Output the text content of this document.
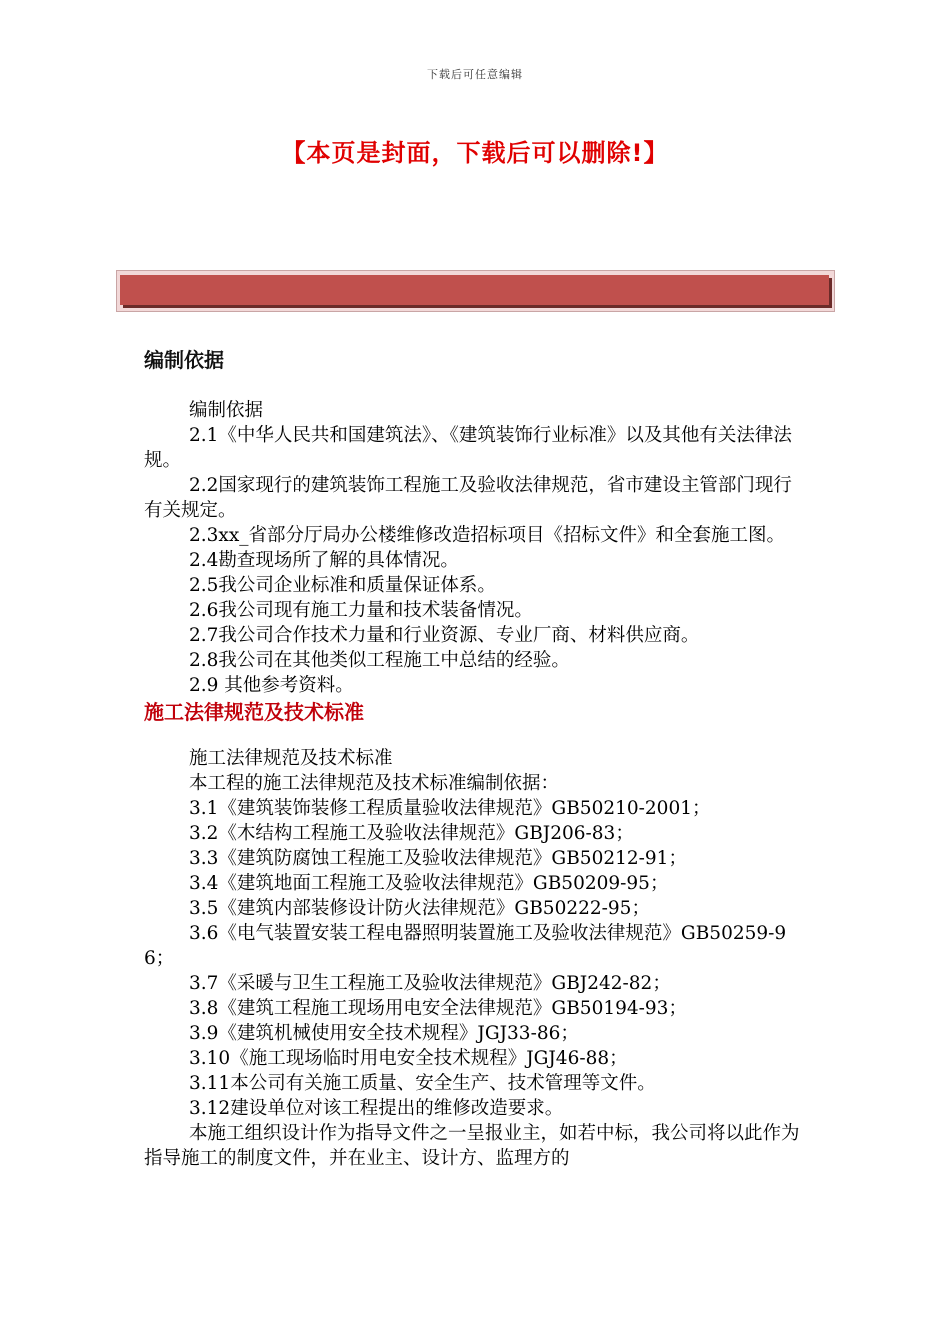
下载后可任意编辑
【本页是封面，下载后可以删除!】
编制依据

编制依据

2.1《中华人民共和国建筑法》、《建筑装饰行业标准》以及其他有关法律法规。

2.2国家现行的建筑装饰工程施工及验收法律规范，省市建设主管部门现行有关规定。

2.3xx_省部分厅局办公楼维修改造招标项目《招标文件》和全套施工图。

2.4勘查现场所了解的具体情况。

2.5我公司企业标准和质量保证体系。

2.6我公司现有施工力量和技术装备情况。

2.7我公司合作技术力量和行业资源、专业厂商、材料供应商。

2.8我公司在其他类似工程施工中总结的经验。

2.9 其他参考资料。

施工法律规范及技术标准

施工法律规范及技术标准

本工程的施工法律规范及技术标准编制依据：

3.1《建筑装饰装修工程质量验收法律规范》GB50210-2001；

3.2《木结构工程施工及验收法律规范》GBJ206-83；

3.3《建筑防腐蚀工程施工及验收法律规范》GB50212-91；

3.4《建筑地面工程施工及验收法律规范》GB50209-95；

3.5《建筑内部装修设计防火法律规范》GB50222-95；

3.6《电气装置安装工程电器照明装置施工及验收法律规范》GB50259-96；

3.7《采暖与卫生工程施工及验收法律规范》GBJ242-82；

3.8《建筑工程施工现场用电安全法律规范》GB50194-93；

3.9《建筑机械使用安全技术规程》JGJ33-86；

3.10《施工现场临时用电安全技术规程》JGJ46-88；

3.11本公司有关施工质量、安全生产、技术管理等文件。

3.12建设单位对该工程提出的维修改造要求。

本施工组织设计作为指导文件之一呈报业主，如若中标，我公司将以此作为指导施工的制度文件，并在业主、设计方、监理方的
